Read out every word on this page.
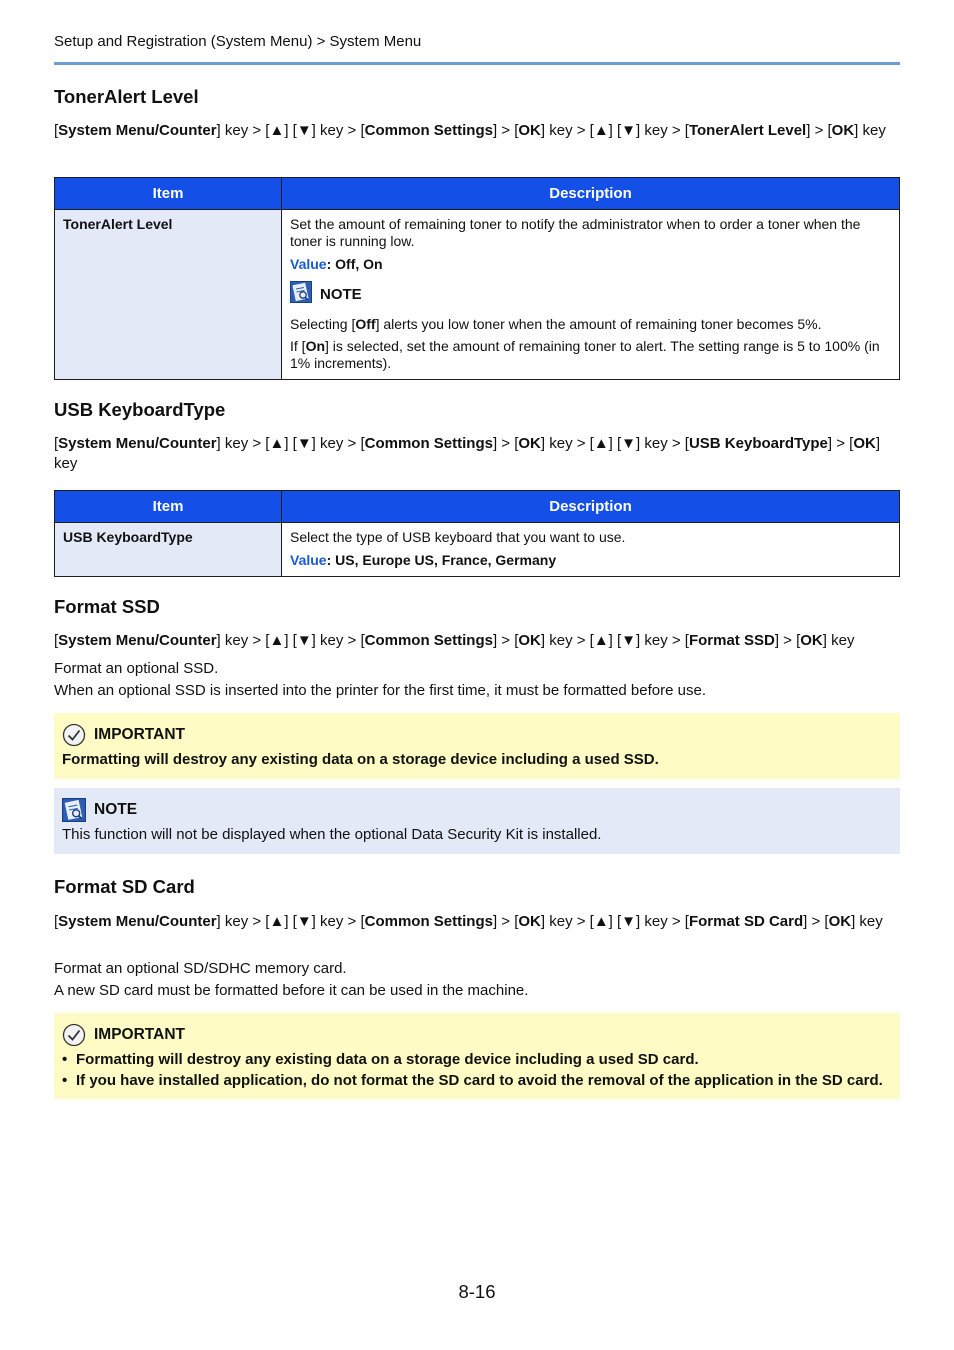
Setup and Registration (System Menu) > System Menu
TonerAlert Level
[System Menu/Counter] key > [▲] [▼] key > [Common Settings] > [OK] key > [▲] [▼] key > [TonerAlert Level] > [OK] key
Item	Description
TonerAlert Level	Set the amount of remaining toner to notify the administrator when to order a toner when the toner is running low.
Value: Off, On
NOTE
Selecting [Off] alerts you low toner when the amount of remaining toner becomes 5%.
If [On] is selected, set the amount of remaining toner to alert. The setting range is 5 to 100% (in 1% increments).
USB KeyboardType
[System Menu/Counter] key > [▲] [▼] key > [Common Settings] > [OK] key > [▲] [▼] key > [USB KeyboardType] > [OK] key
Item	Description
USB KeyboardType	Select the type of USB keyboard that you want to use.
Value: US, Europe US, France, Germany
Format SSD
[System Menu/Counter] key > [▲] [▼] key > [Common Settings] > [OK] key > [▲] [▼] key > [Format SSD] > [OK] key
Format an optional SSD.
When an optional SSD is inserted into the printer for the first time, it must be formatted before use.
IMPORTANT
Formatting will destroy any existing data on a storage device including a used SSD.
NOTE
This function will not be displayed when the optional Data Security Kit is installed.
Format SD Card
[System Menu/Counter] key > [▲] [▼] key > [Common Settings] > [OK] key > [▲] [▼] key > [Format SD Card] > [OK] key
Format an optional SD/SDHC memory card.
A new SD card must be formatted before it can be used in the machine.
IMPORTANT
• Formatting will destroy any existing data on a storage device including a used SD card.
• If you have installed application, do not format the SD card to avoid the removal of the application in the SD card.
8-16
